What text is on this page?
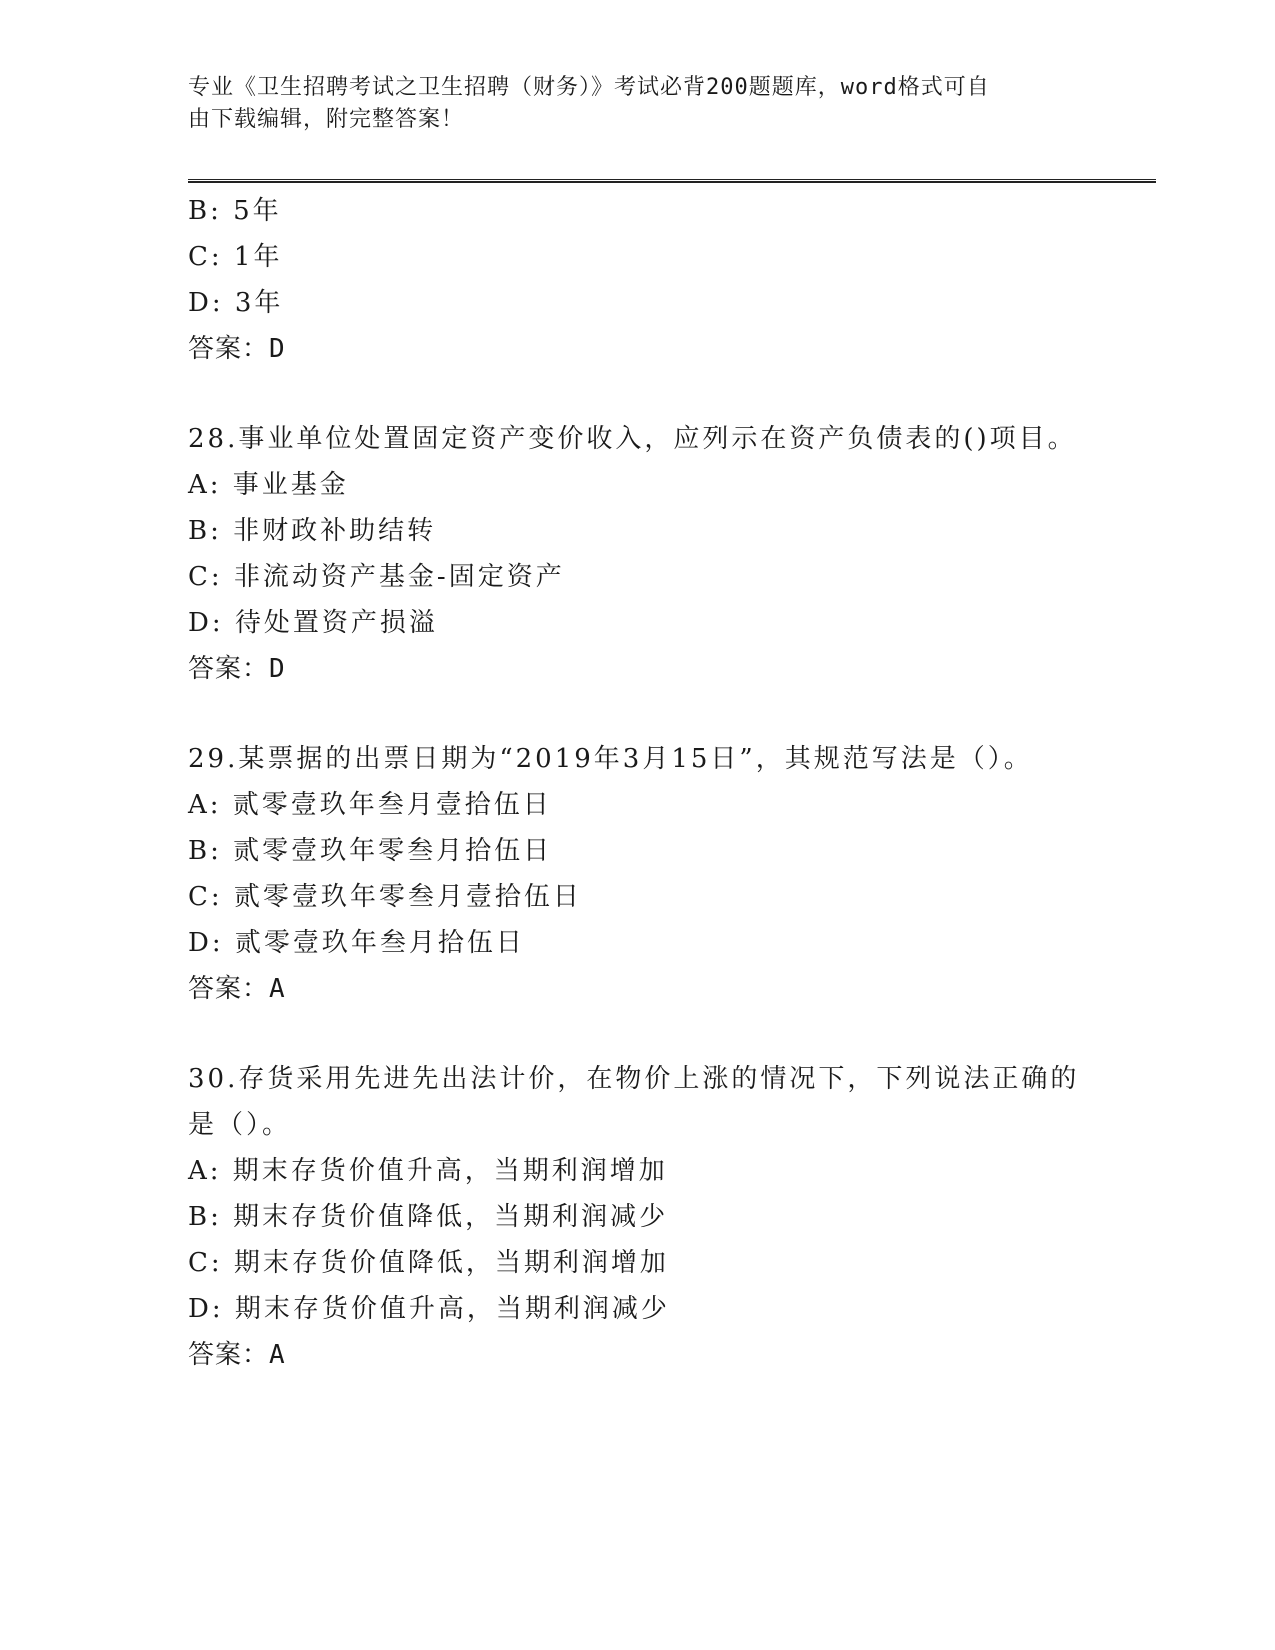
专业《卫生招聘考试之卫生招聘（财务）》考试必背200题题库，word格式可自
由下载编辑，附完整答案！
B: 5年
C: 1年
D: 3年
答案：D
28.事业单位处置固定资产变价收入，应列示在资产负债表的()项目。
A: 事业基金
B: 非财政补助结转
C: 非流动资产基金-固定资产
D: 待处置资产损溢
答案：D
29.某票据的出票日期为“2019年3月15日”，其规范写法是（）。
A: 贰零壹玖年叁月壹拾伍日
B: 贰零壹玖年零叁月拾伍日
C: 贰零壹玖年零叁月壹拾伍日
D: 贰零壹玖年叁月拾伍日
答案：A
30.存货采用先进先出法计价，在物价上涨的情况下，下列说法正确的
是（）。
A: 期末存货价值升高，当期利润增加
B: 期末存货价值降低，当期利润减少
C: 期末存货价值降低，当期利润增加
D: 期末存货价值升高，当期利润减少
答案：A
